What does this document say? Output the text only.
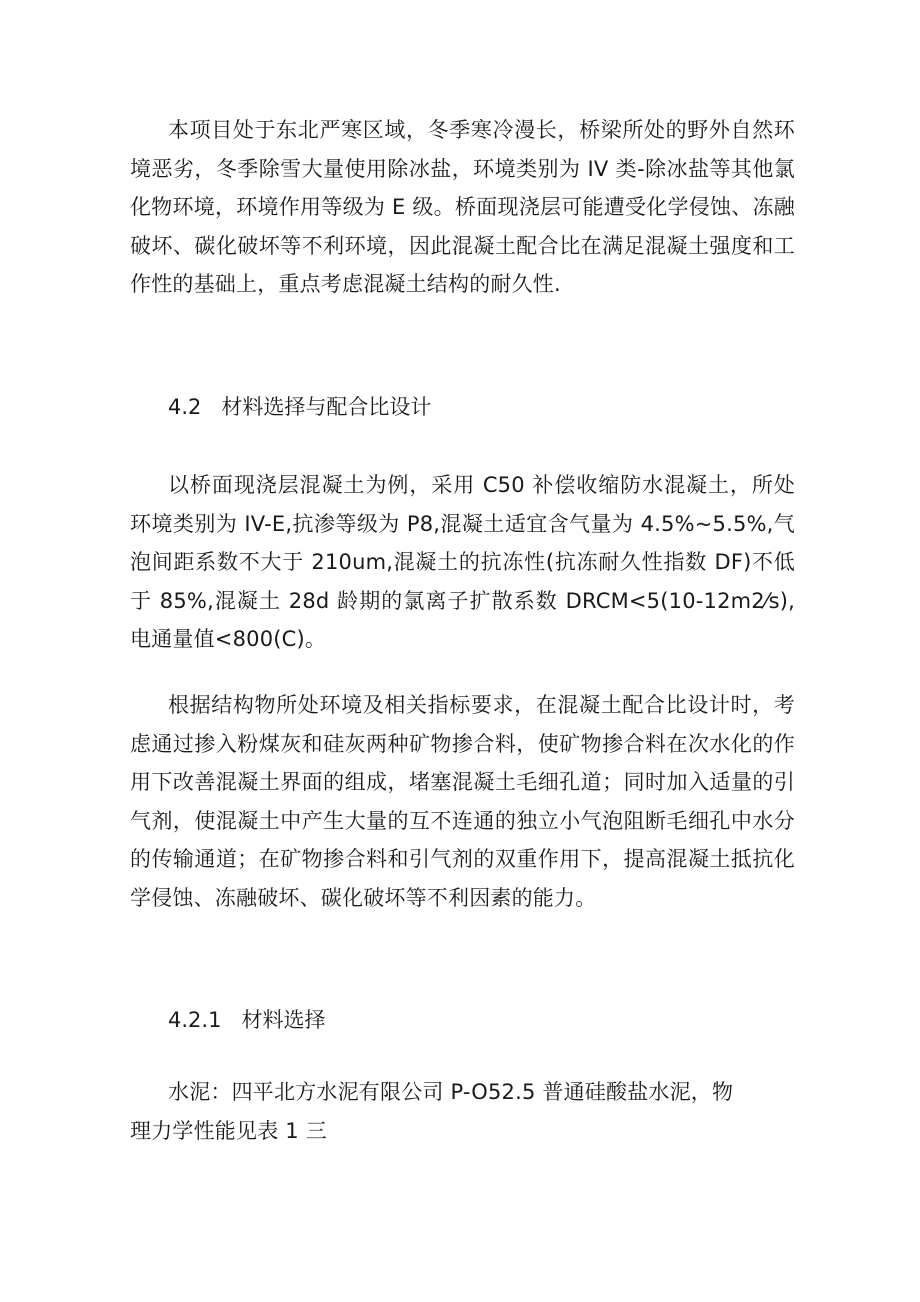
本项目处于东北严寒区域，冬季寒冷漫长，桥梁所处的野外自然环境恶劣，冬季除雪大量使用除冰盐，环境类别为 IV 类-除冰盐等其他氯化物环境，环境作用等级为 E 级。桥面现浇层可能遭受化学侵蚀、冻融破坏、碳化破坏等不利环境，因此混凝土配合比在满足混凝土强度和工作性的基础上，重点考虑混凝土结构的耐久性.

4.2   材料选择与配合比设计

以桥面现浇层混凝土为例，采用 C50 补偿收缩防水混凝土，所处环境类别为 IV-E,抗渗等级为 P8,混凝土适宜含气量为 4.5%~5.5%,气泡间距系数不大于 210um,混凝土的抗冻性(抗冻耐久性指数 DF)不低于 85%,混凝土 28d 龄期的氯离子扩散系数 DRCM<5(10-12m2⁄s),电通量值<800(C)。

根据结构物所处环境及相关指标要求，在混凝土配合比设计时，考虑通过掺入粉煤灰和硅灰两种矿物掺合料，使矿物掺合料在次水化的作用下改善混凝土界面的组成，堵塞混凝土毛细孔道；同时加入适量的引气剂，使混凝土中产生大量的互不连通的独立小气泡阻断毛细孔中水分的传输通道；在矿物掺合料和引气剂的双重作用下，提高混凝土抵抗化学侵蚀、冻融破坏、碳化破坏等不利因素的能力。

4.2.1   材料选择

水泥：四平北方水泥有限公司 P-O52.5 普通硅酸盐水泥，物
理力学性能见表 1 三
